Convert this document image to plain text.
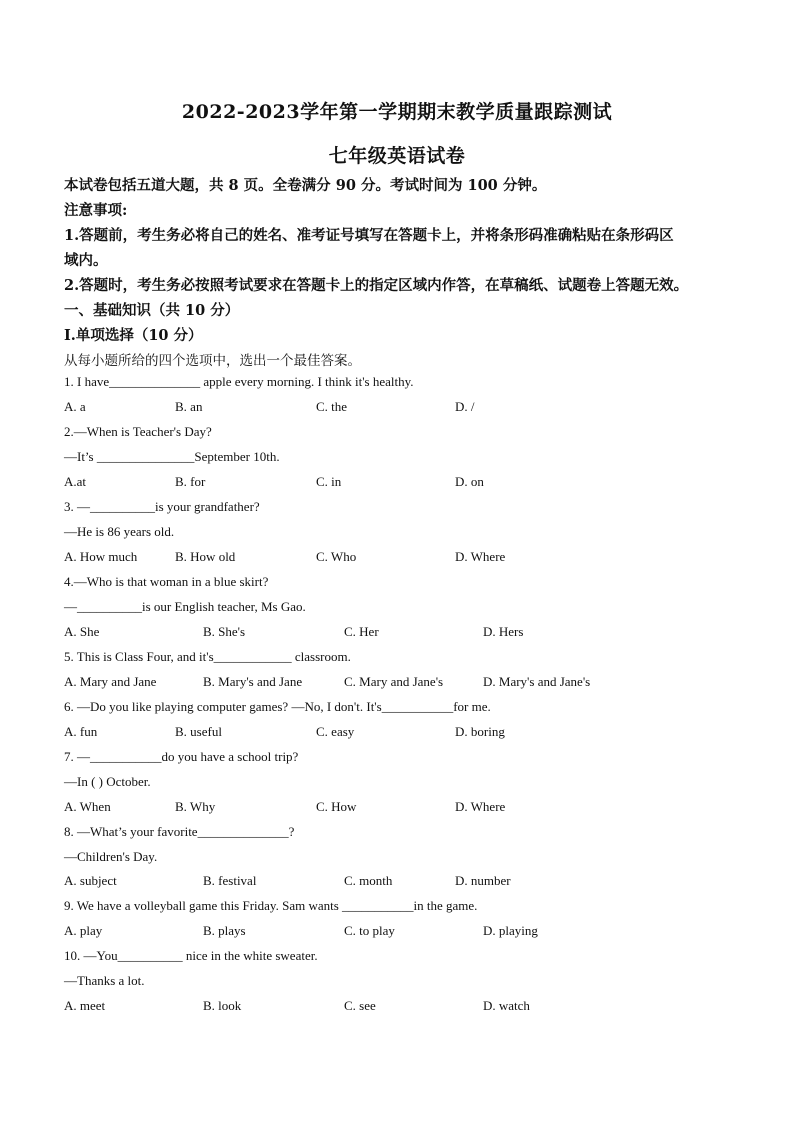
2022-2023学年第一学期期末教学质量跟踪测试
七年级英语试卷
本试卷包括五道大题，共 8 页。全卷满分 90 分。考试时间为 100 分钟。
注意事项:
1.答题前，考生务必将自己的姓名、准考证号填写在答题卡上，并将条形码准确粘贴在条形码区
域内。
2.答题时，考生务必按照考试要求在答题卡上的指定区域内作答，在草稿纸、试题卷上答题无效。
一、基础知识（共 10 分）
I.单项选择（10 分）
从每小题所给的四个选项中，选出一个最佳答案。
1. I have______________ apple every morning. I think it's healthy.
A. a	B. an	C. the	D. /
2.—When is Teacher's Day?
—It’s _______________September 10th.
A.at	B. for	C. in	D. on
3. —__________is your grandfather?
—He is 86 years old.
A. How much	B. How old	C. Who	D. Where
4.—Who is that woman in a blue skirt?
—__________is our English teacher, Ms Gao.
A. She	B. She's	C. Her	D. Hers
5. This is Class Four, and it's____________ classroom.
A. Mary and Jane	B. Mary's and Jane	C. Mary and Jane's	D. Mary's and Jane's
6. —Do you like playing computer games? —No, I don't. It's___________for me.
A. fun	B. useful	C. easy	D. boring
7. —___________do you have a school trip?
—In ( ) October.
A. When	B. Why	C. How	D. Where
8. —What’s your favorite______________?
—Children's Day.
A. subject	B. festival	C. month	D. number
9. We have a volleyball game this Friday. Sam wants ___________in the game.
A. play	B. plays	C. to play	D. playing
10. —You__________ nice in the white sweater.
—Thanks a lot.
A. meet	B. look	C. see	D. watch
